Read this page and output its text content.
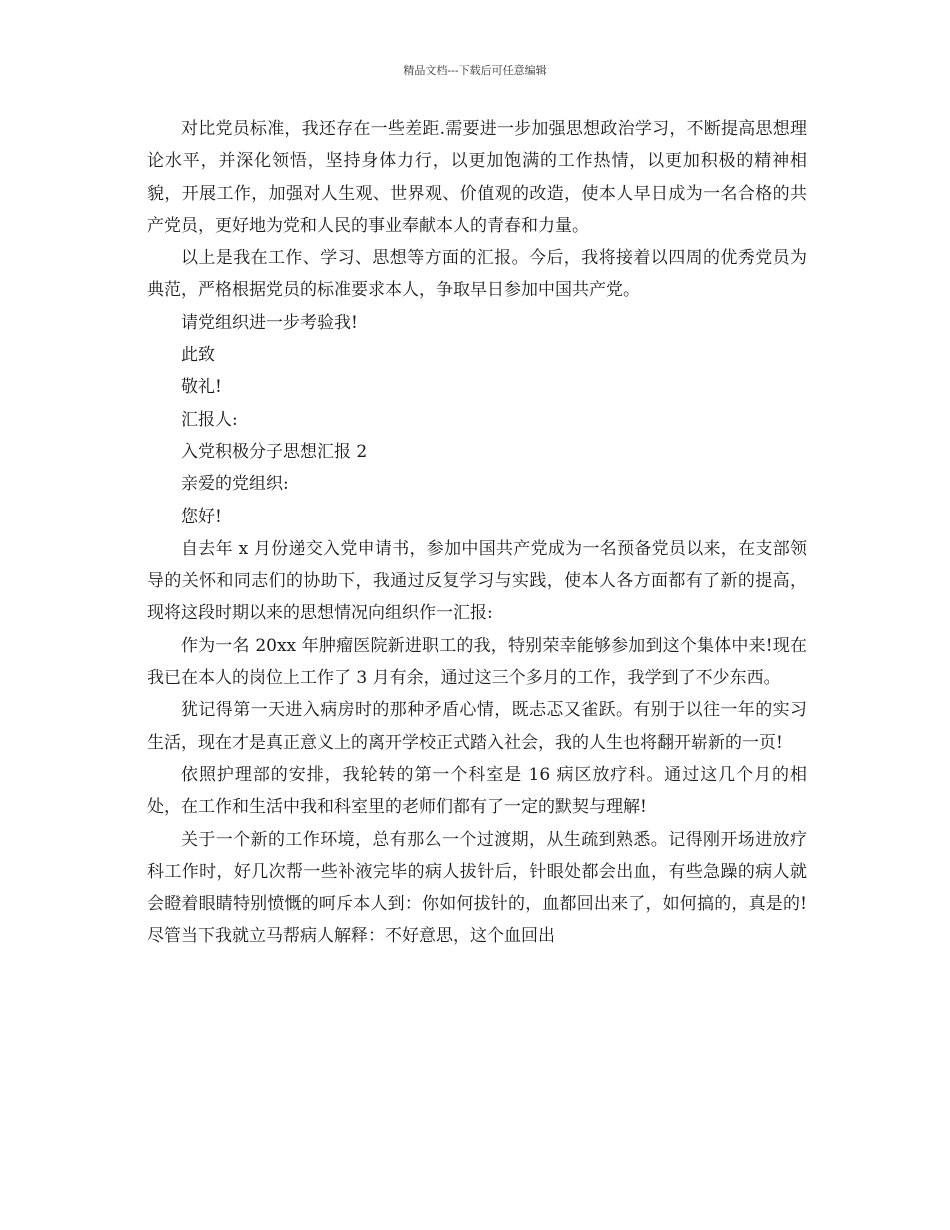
精品文档---下载后可任意编辑

对比党员标准，我还存在一些差距.需要进一步加强思想政治学习，不断提高思想理论水平，并深化领悟，坚持身体力行，以更加饱满的工作热情，以更加积极的精神相貌，开展工作，加强对人生观、世界观、价值观的改造，使本人早日成为一名合格的共产党员，更好地为党和人民的事业奉献本人的青春和力量。

以上是我在工作、学习、思想等方面的汇报。今后，我将接着以四周的优秀党员为典范，严格根据党员的标准要求本人，争取早日参加中国共产党。

请党组织进一步考验我!

此致

敬礼!

汇报人:

入党积极分子思想汇报 2

亲爱的党组织:

您好!

自去年 x 月份递交入党申请书，参加中国共产党成为一名预备党员以来，在支部领导的关怀和同志们的协助下，我通过反复学习与实践，使本人各方面都有了新的提高，现将这段时期以来的思想情况向组织作一汇报:

作为一名 20xx 年肿瘤医院新进职工的我，特别荣幸能够参加到这个集体中来!现在我已在本人的岗位上工作了 3 月有余，通过这三个多月的工作，我学到了不少东西。

犹记得第一天进入病房时的那种矛盾心情，既忐忑又雀跃。有别于以往一年的实习生活，现在才是真正意义上的离开学校正式踏入社会，我的人生也将翻开崭新的一页!

依照护理部的安排，我轮转的第一个科室是 16 病区放疗科。通过这几个月的相处，在工作和生活中我和科室里的老师们都有了一定的默契与理解!

关于一个新的工作环境，总有那么一个过渡期，从生疏到熟悉。记得刚开场进放疗科工作时，好几次帮一些补液完毕的病人拔针后，针眼处都会出血，有些急躁的病人就会瞪着眼睛特别愤慨的呵斥本人到：你如何拔针的，血都回出来了，如何搞的，真是的!尽管当下我就立马帮病人解释：不好意思，这个血回出
